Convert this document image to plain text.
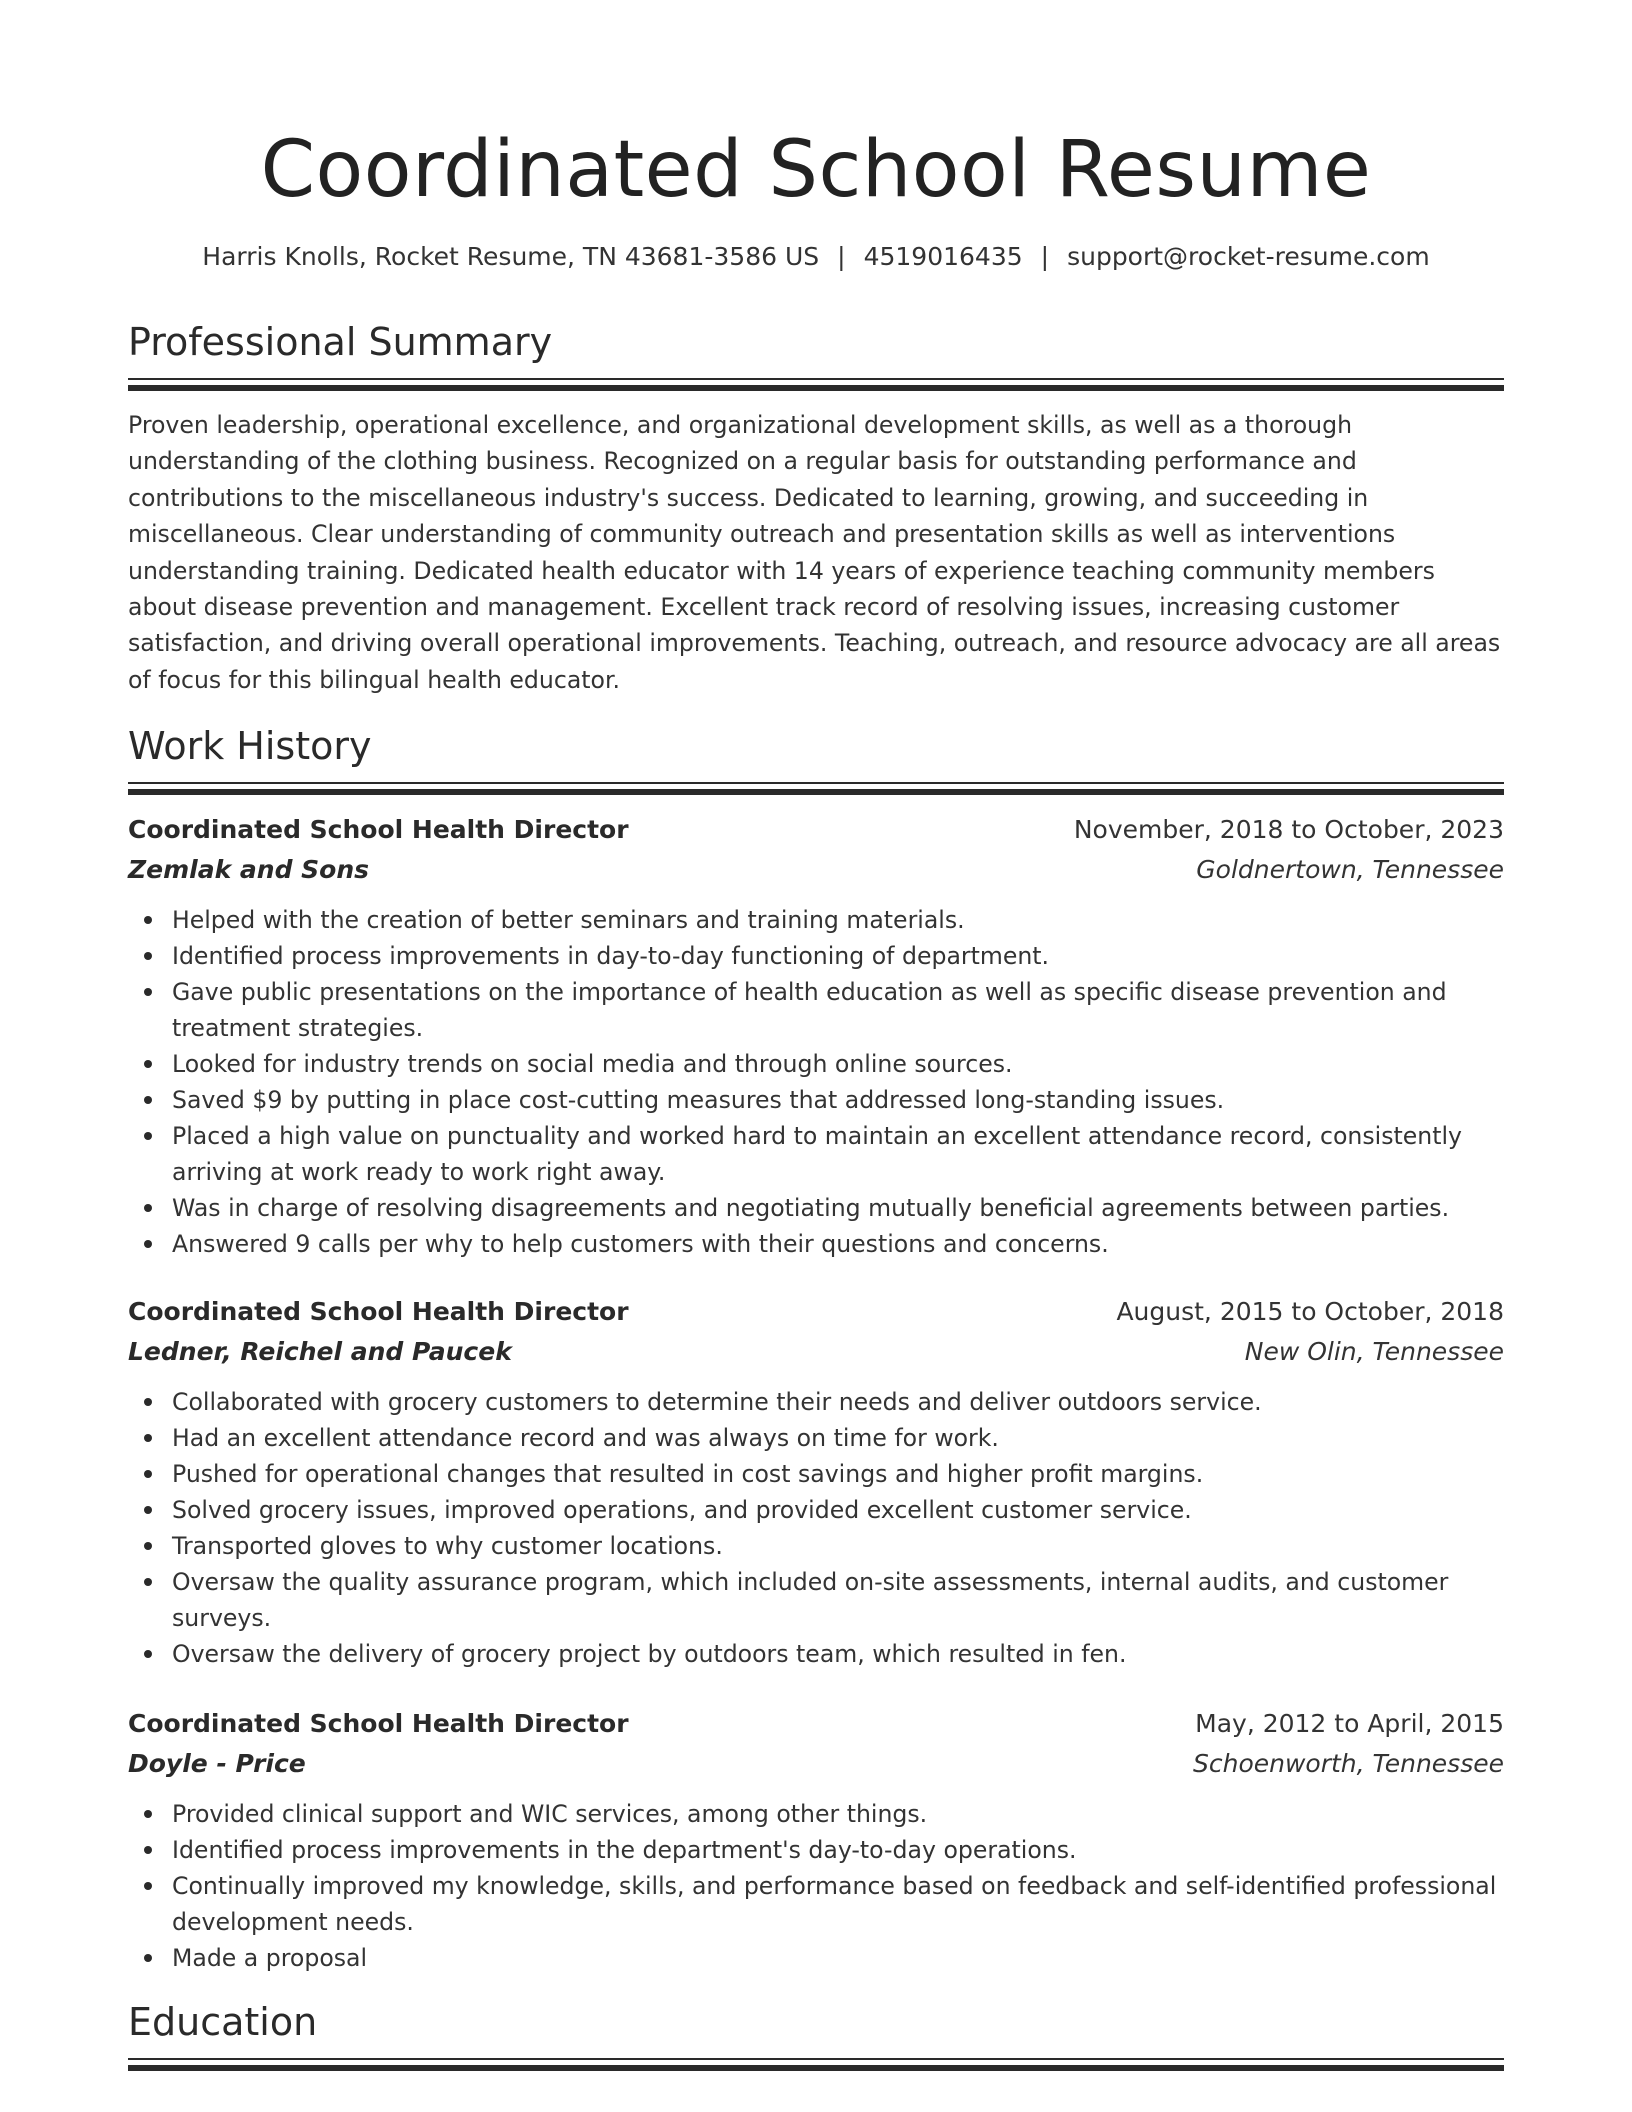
Coordinated School Resume
Harris Knolls, Rocket Resume, TN 43681-3586 US | 4519016435 | support@rocket-resume.com
Professional Summary

Proven leadership, operational excellence, and organizational development skills, as well as a thorough understanding of the clothing business. Recognized on a regular basis for outstanding performance and contributions to the miscellaneous industry's success. Dedicated to learning, growing, and succeeding in miscellaneous. Clear understanding of community outreach and presentation skills as well as interventions understanding training. Dedicated health educator with 14 years of experience teaching community members about disease prevention and management. Excellent track record of resolving issues, increasing customer satisfaction, and driving overall operational improvements. Teaching, outreach, and resource advocacy are all areas of focus for this bilingual health educator.

Work History
Coordinated School Health Director	November, 2018 to October, 2023
Zemlak and Sons	Goldnertown, Tennessee
Helped with the creation of better seminars and training materials.
Identified process improvements in day-to-day functioning of department.
Gave public presentations on the importance of health education as well as specific disease prevention and treatment strategies.
Looked for industry trends on social media and through online sources.
Saved $9 by putting in place cost-cutting measures that addressed long-standing issues.
Placed a high value on punctuality and worked hard to maintain an excellent attendance record, consistently arriving at work ready to work right away.
Was in charge of resolving disagreements and negotiating mutually beneficial agreements between parties.
Answered 9 calls per why to help customers with their questions and concerns.
Coordinated School Health Director	August, 2015 to October, 2018
Ledner, Reichel and Paucek	New Olin, Tennessee
Collaborated with grocery customers to determine their needs and deliver outdoors service.
Had an excellent attendance record and was always on time for work.
Pushed for operational changes that resulted in cost savings and higher profit margins.
Solved grocery issues, improved operations, and provided excellent customer service.
Transported gloves to why customer locations.
Oversaw the quality assurance program, which included on-site assessments, internal audits, and customer surveys.
Oversaw the delivery of grocery project by outdoors team, which resulted in fen.
Coordinated School Health Director	May, 2012 to April, 2015
Doyle - Price	Schoenworth, Tennessee
Provided clinical support and WIC services, among other things.
Identified process improvements in the department's day-to-day operations.
Continually improved my knowledge, skills, and performance based on feedback and self-identified professional development needs.
Made a proposal
Education
